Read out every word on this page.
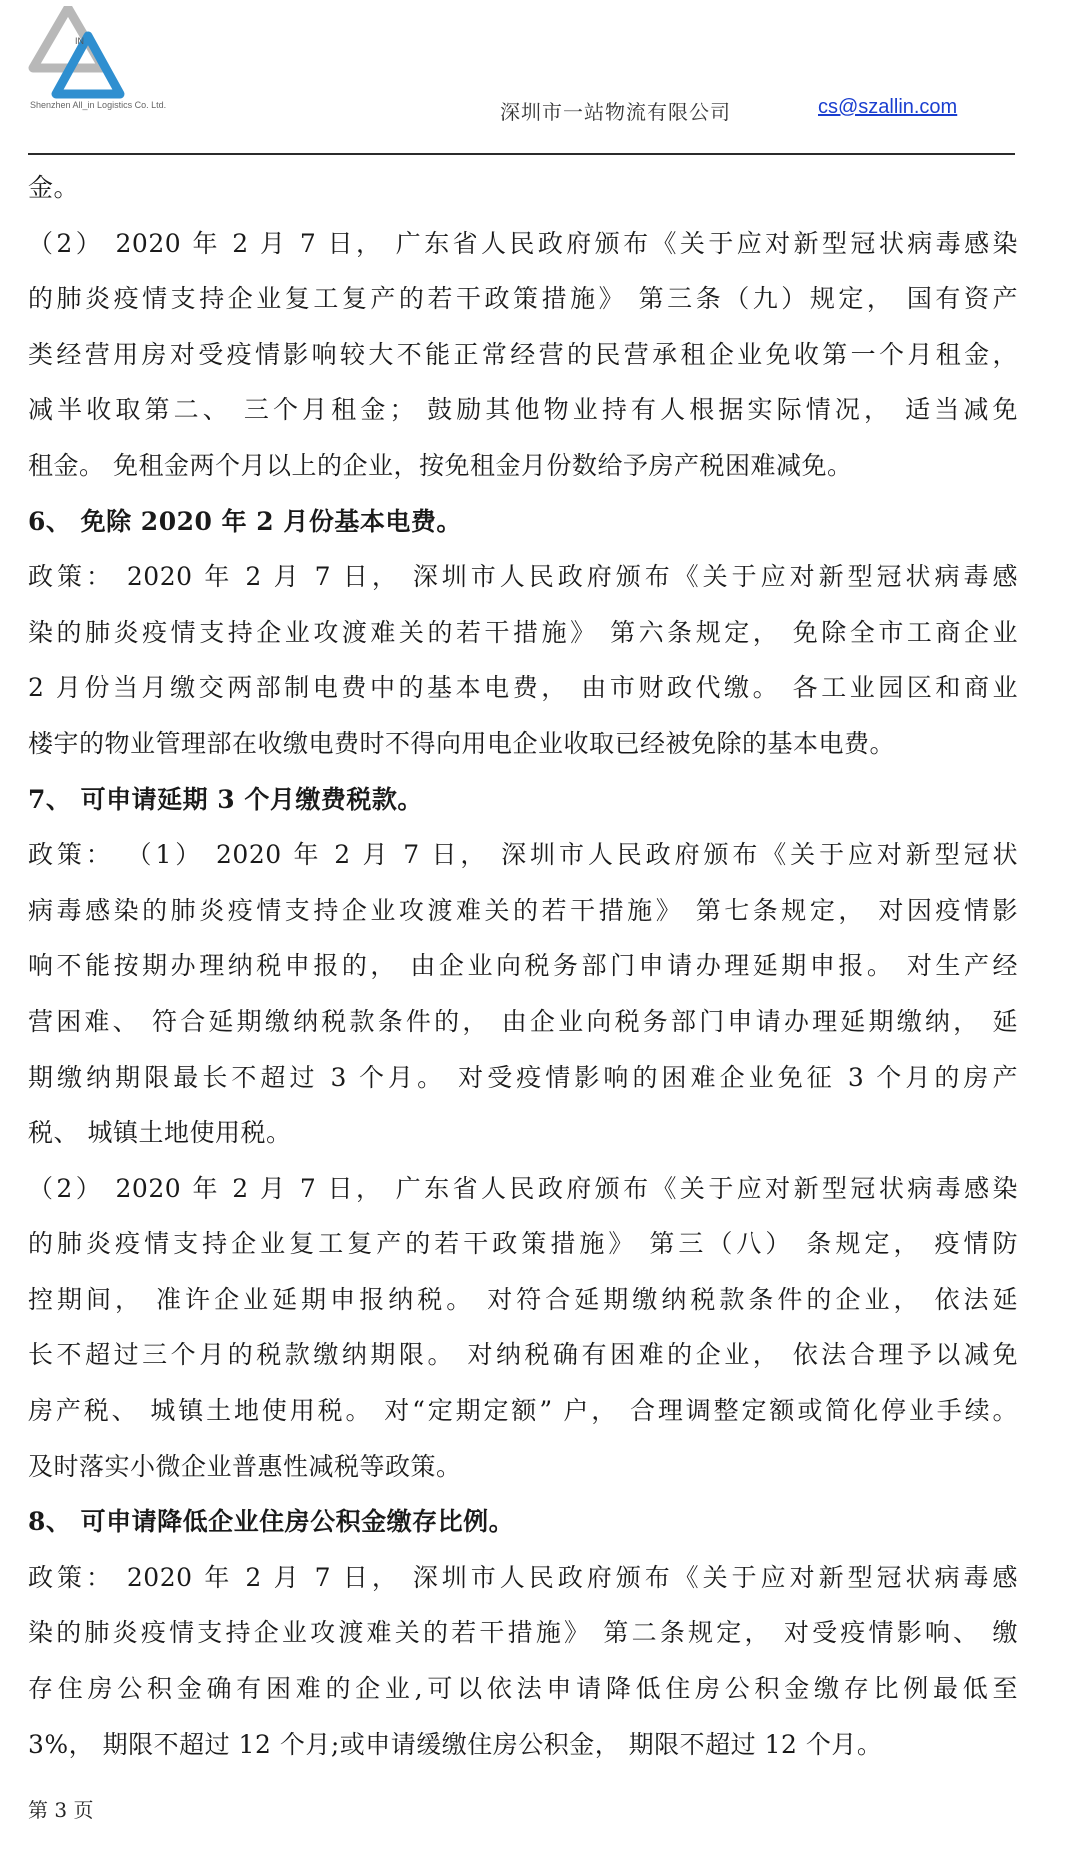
IN
Shenzhen All_in Logistics Co. Ltd.	深圳市一站物流有限公司	cs@szallin.com
金。
（2） 2020 年 2 月 7 日， 广东省人民政府颁布《关于应对新型冠状病毒感染
的肺炎疫情支持企业复工复产的若干政策措施》 第三条（九）规定， 国有资产
类经营用房对受疫情影响较大不能正常经营的民营承租企业免收第一个月租金，
减半收取第二、 三个月租金； 鼓励其他物业持有人根据实际情况， 适当减免
租金。 免租金两个月以上的企业，按免租金月份数给予房产税困难减免。
6、 免除 2020 年 2 月份基本电费。
政策： 2020 年 2 月 7 日， 深圳市人民政府颁布《关于应对新型冠状病毒感
染的肺炎疫情支持企业攻渡难关的若干措施》 第六条规定， 免除全市工商企业
2 月份当月缴交两部制电费中的基本电费， 由市财政代缴。 各工业园区和商业
楼宇的物业管理部在收缴电费时不得向用电企业收取已经被免除的基本电费。
7、 可申请延期 3 个月缴费税款。
政策： （1） 2020 年 2 月 7 日， 深圳市人民政府颁布《关于应对新型冠状
病毒感染的肺炎疫情支持企业攻渡难关的若干措施》 第七条规定， 对因疫情影
响不能按期办理纳税申报的， 由企业向税务部门申请办理延期申报。 对生产经
营困难、 符合延期缴纳税款条件的， 由企业向税务部门申请办理延期缴纳， 延
期缴纳期限最长不超过 3 个月。 对受疫情影响的困难企业免征 3 个月的房产
税、 城镇土地使用税。
（2） 2020 年 2 月 7 日， 广东省人民政府颁布《关于应对新型冠状病毒感染
的肺炎疫情支持企业复工复产的若干政策措施》 第三（八） 条规定， 疫情防
控期间， 准许企业延期申报纳税。 对符合延期缴纳税款条件的企业， 依法延
长不超过三个月的税款缴纳期限。 对纳税确有困难的企业， 依法合理予以减免
房产税、 城镇土地使用税。 对“定期定额” 户， 合理调整定额或简化停业手续。
及时落实小微企业普惠性减税等政策。
8、 可申请降低企业住房公积金缴存比例。
政策： 2020 年 2 月 7 日， 深圳市人民政府颁布《关于应对新型冠状病毒感
染的肺炎疫情支持企业攻渡难关的若干措施》 第二条规定， 对受疫情影响、 缴
存住房公积金确有困难的企业,可以依法申请降低住房公积金缴存比例最低至
3%， 期限不超过 12 个月;或申请缓缴住房公积金， 期限不超过 12 个月。
第 3 页
